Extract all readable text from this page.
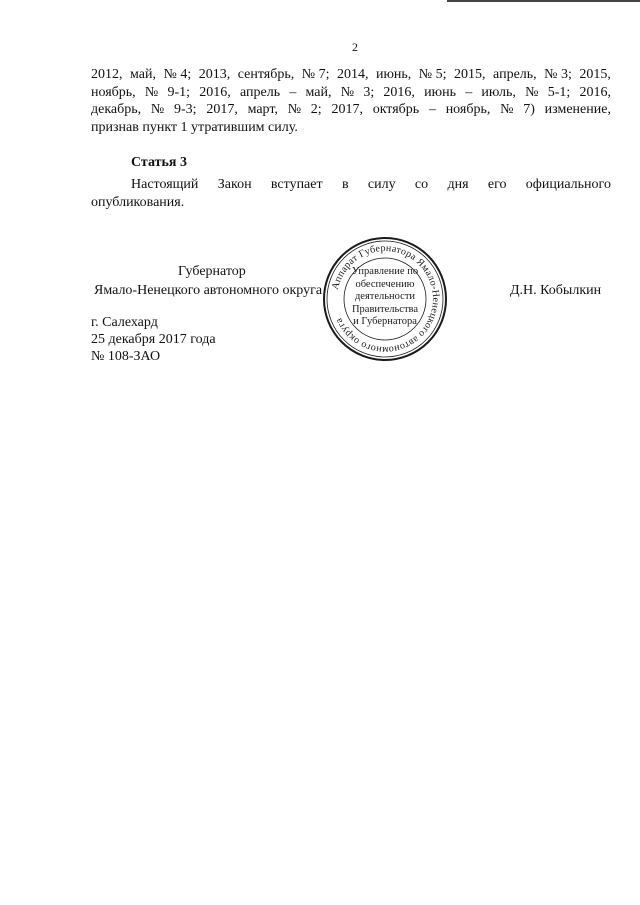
2
2012, май, № 4; 2013, сентябрь, № 7; 2014, июнь, № 5; 2015, апрель, № 3; 2015,
ноябрь, № 9-1; 2016, апрель – май, № 3; 2016, июнь – июль, № 5-1; 2016,
декабрь, № 9-3; 2017, март, № 2; 2017, октябрь – ноябрь, № 7) изменение,
признав пункт 1 утратившим силу.
Статья 3
Настоящий Закон вступает в силу со дня его официального
опубликования.
Губернатор
Ямало-Ненецкого автономного округа	Д.Н. Кобылкин
Аппарат Губернатора Ямало-Ненецкого автономного округа
Управление по
обеспечению
деятельности
Правительства
и Губернатора
г. Салехард
25 декабря 2017 года
№ 108-ЗАО
